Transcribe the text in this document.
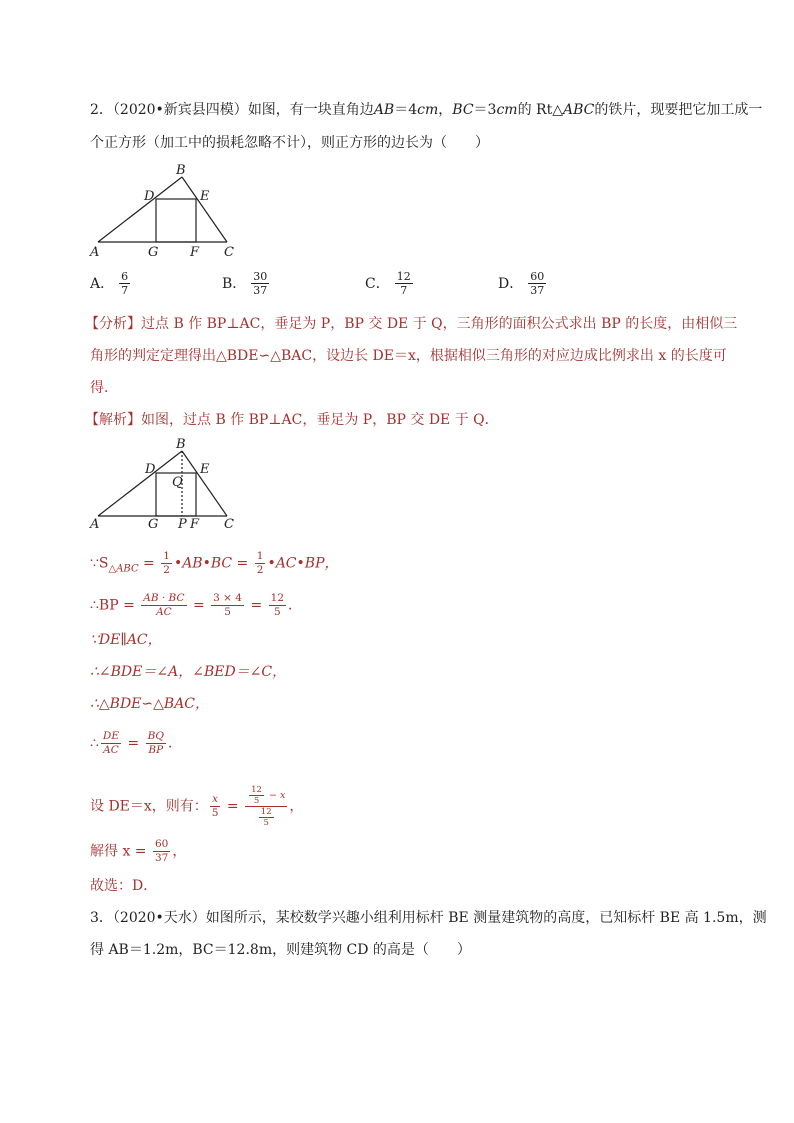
2．（2020•新宾县四模）如图，有一块直角边AB＝4cm，BC＝3cm的 Rt△ABC的铁片，现要把它加工成一
个正方形（加工中的损耗忽略不计），则正方形的边长为（　　）
A
B
C
D	E
G F
A． $\frac{6}{7}$	B． $\frac{30}{37}$	C． $\frac{12}{7}$	D． $\frac{60}{37}$
【分析】过点 B 作 BP⊥AC，垂足为 P，BP 交 DE 于 Q，三角形的面积公式求出 BP 的长度，由相似三
角形的判定定理得出△BDE∽△BAC，设边长 DE＝x，根据相似三角形的对应边成比例求出 x 的长度可
得．
【解析】如图，过点 B 作 BP⊥AC，垂足为 P，BP 交 DE 于 Q．
A
B
C
D	E
Q
G P F
$\because S_{\triangle ABC} = \frac{1}{2}$ •AB•BC = $\frac{1}{2}$ •AC•BP，
∴BP = $\frac{AB \cdot BC}{AC} = \frac{3 \times 4}{5} = \frac{12}{5}$ ．
∵DE∥AC，
∴∠BDE＝∠A，∠BED＝∠C，
∴△BDE∽△BAC，
∴ $\frac{DE}{AC} = \frac{BQ}{BP}$ ．
设 DE＝x，则有： $\frac{x}{5} = \frac{\frac{12}{5} - x}{\frac{12}{5}}$ ，
解得 $x = \frac{60}{37}$ ，
故选：D．
3．（2020•天水）如图所示，某校数学兴趣小组利用标杆 BE 测量建筑物的高度，已知标杆 BE 高 1.5m，测
得 AB＝1.2m，BC＝12.8m，则建筑物 CD 的高是（　　）
